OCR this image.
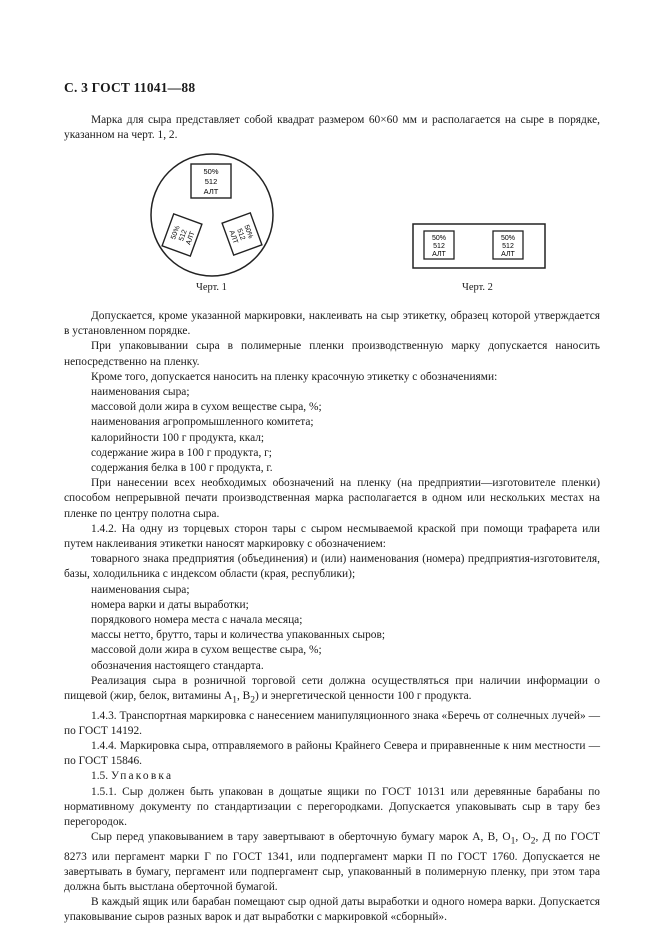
С. 3 ГОСТ 11041—88

Марка для сыра представляет собой квадрат размером 60×60 мм и располагается на сыре в порядке, указанном на черт. 1, 2.

50%
512
АЛТ
50%
512
АЛТ	50%
512
АЛТ
Черт. 1
50%
512
АЛТ
50%
512
АЛТ
Черт. 2

Допускается, кроме указанной маркировки, наклеивать на сыр этикетку, образец которой утверждается в установленном порядке.

При упаковывании сыра в полимерные пленки производственную марку допускается наносить непосредственно на пленку.

Кроме того, допускается наносить на пленку красочную этикетку с обозначениями:

наименования сыра;

массовой доли жира в сухом веществе сыра, %;

наименования агропромышленного комитета;

калорийности 100 г продукта, ккал;

содержание жира в 100 г продукта, г;

содержания белка в 100 г продукта, г.

При нанесении всех необходимых обозначений на пленку (на предприятии—изготовителе пленки) способом непрерывной печати производственная марка располагается в одном или нескольких местах на пленке по центру полотна сыра.

1.4.2. На одну из торцевых сторон тары с сыром несмываемой краской при помощи трафарета или путем наклеивания этикетки наносят маркировку с обозначением:

товарного знака предприятия (объединения) и (или) наименования (номера) предприятия-изготовителя, базы, холодильника с индексом области (края, республики);

наименования сыра;

номера варки и даты выработки;

порядкового номера места с начала месяца;

массы нетто, брутто, тары и количества упакованных сыров;

массовой доли жира в сухом веществе сыра, %;

обозначения настоящего стандарта.

Реализация сыра в розничной торговой сети должна осуществляться при наличии информации о пищевой (жир, белок, витамины $А_1$, $В_2$) и энергетической ценности 100 г продукта.

1.4.3. Транспортная маркировка с нанесением манипуляционного знака «Беречь от солнечных лучей» — по ГОСТ 14192.

1.4.4. Маркировка сыра, отправляемого в районы Крайнего Севера и приравненные к ним местности — по ГОСТ 15846.

1.5. Упаковка

1.5.1. Сыр должен быть упакован в дощатые ящики по ГОСТ 10131 или деревянные барабаны по нормативному документу по стандартизации с перегородками. Допускается упаковывать сыр в тару без перегородок.

Сыр перед упаковыванием в тару завертывают в оберточную бумагу марок А, В, $О_1$, $О_2$, Д по ГОСТ 8273 или пергамент марки Г по ГОСТ 1341, или подпергамент марки П по ГОСТ 1760. Допускается не завертывать в бумагу, пергамент или подпергамент сыр, упакованный в полимерную пленку, при этом тара должна быть выстлана оберточной бумагой.

В каждый ящик или барабан помещают сыр одной даты выработки и одного номера варки. Допускается упаковывание сыров разных варок и дат выработки с маркировкой «сборный».
